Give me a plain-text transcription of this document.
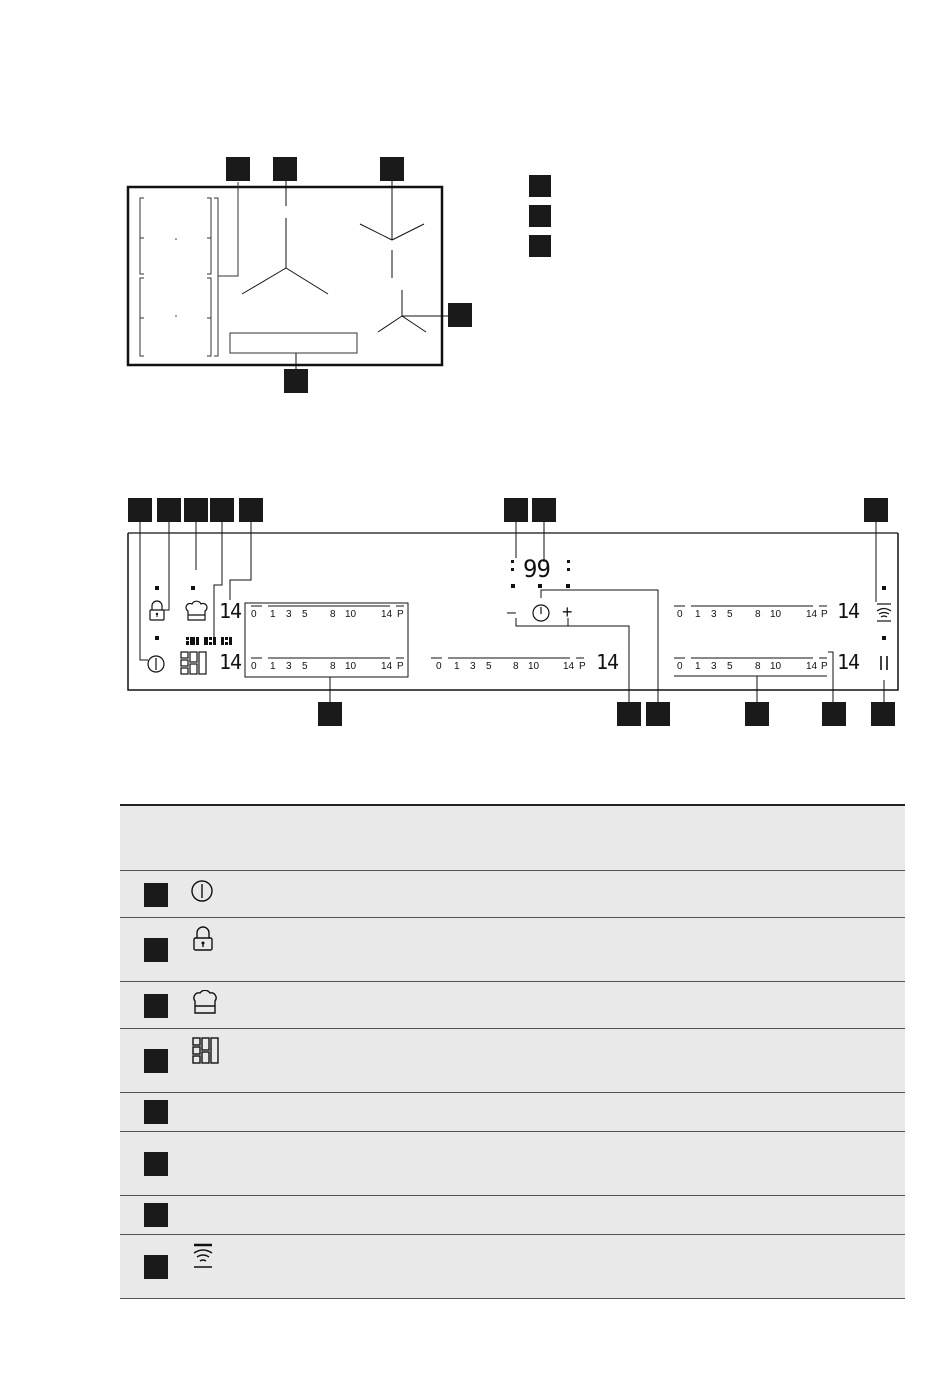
99
14
14	14
14
14
–	+
0 1 3 5 8 10 14 P
0 1 3 5 8 10 14 P	0 1 3 5 8 10 14 P
0 1 3 5 8 10 14 P
0 1 3 5 8 10 14 P
